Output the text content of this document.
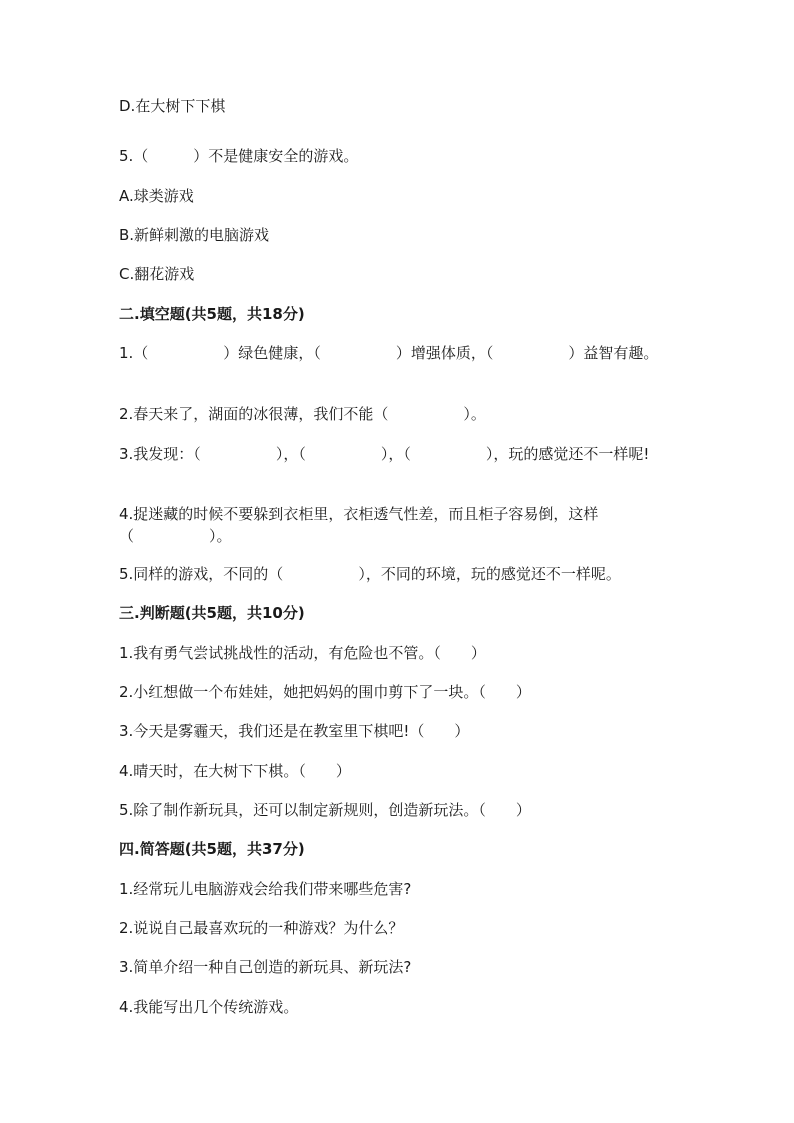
D.在大树下下棋

5.（　　　）不是健康安全的游戏。

A.球类游戏

B.新鲜刺激的电脑游戏

C.翻花游戏

二.填空题(共5题，共18分)

1.（　　　　　）绿色健康，（　　　　　）增强体质，（　　　　　）益智有趣。

2.春天来了，湖面的冰很薄，我们不能（　　　　　）。

3.我发现：（　　　　　），（　　　　　），（　　　　　），玩的感觉还不一样呢!

4.捉迷藏的时候不要躲到衣柜里，衣柜透气性差，而且柜子容易倒，这样（　　　　　）。

5.同样的游戏，不同的（　　　　　），不同的环境，玩的感觉还不一样呢。

三.判断题(共5题，共10分)

1.我有勇气尝试挑战性的活动，有危险也不管。（　　）

2.小红想做一个布娃娃，她把妈妈的围巾剪下了一块。（　　）

3.今天是雾霾天，我们还是在教室里下棋吧!（　　）

4.晴天时，在大树下下棋。（　　）

5.除了制作新玩具，还可以制定新规则，创造新玩法。（　　）

四.简答题(共5题，共37分)

1.经常玩儿电脑游戏会给我们带来哪些危害?

2.说说自己最喜欢玩的一种游戏？为什么？

3.简单介绍一种自己创造的新玩具、新玩法?

4.我能写出几个传统游戏。
